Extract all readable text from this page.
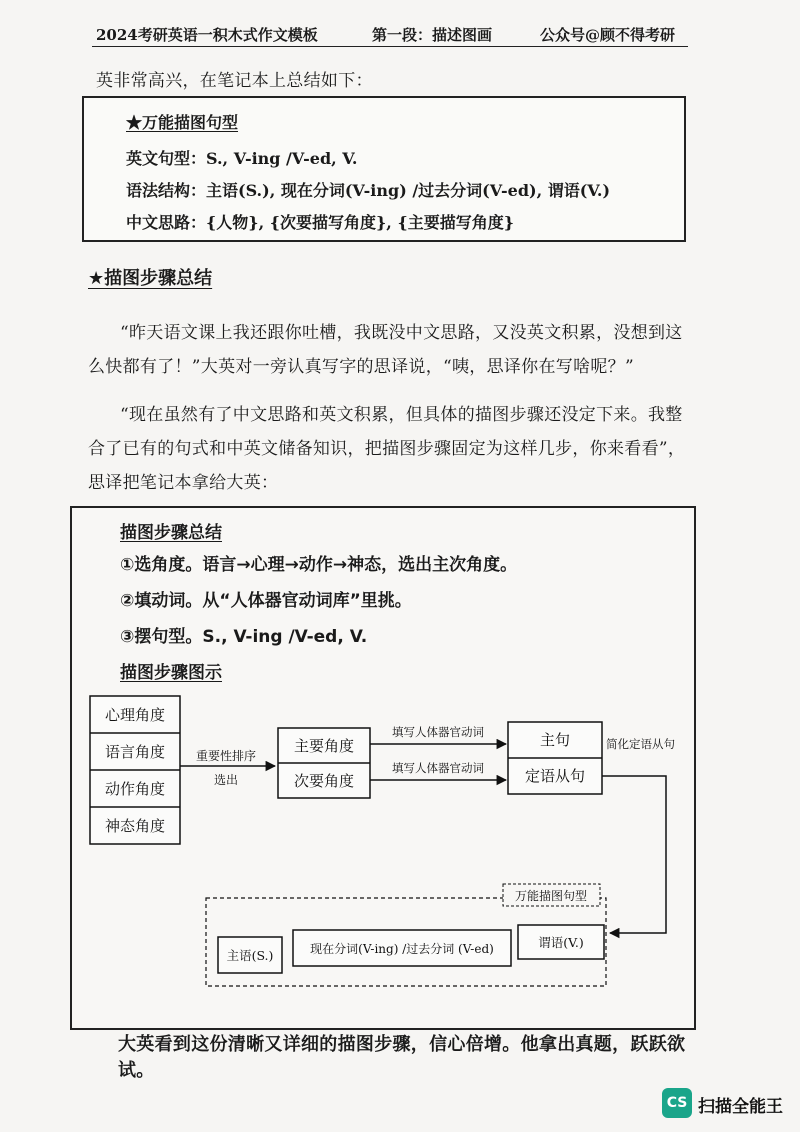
2024考研英语一积木式作文模板	第一段：描述图画	公众号@顾不得考研
英非常高兴，在笔记本上总结如下：
★万能描图句型
英文句型：S., V-ing /V-ed, V.
语法结构：主语(S.), 现在分词(V-ing) /过去分词(V-ed), 谓语(V.)
中文思路：{人物}, {次要描写角度}, {主要描写角度}
★描图步骤总结
“昨天语文课上我还跟你吐槽，我既没中文思路，又没英文积累，没想到这
么快都有了！”大英对一旁认真写字的思译说，“咦，思译你在写啥呢？”
“现在虽然有了中文思路和英文积累，但具体的描图步骤还没定下来。我整
合了已有的句式和中英文储备知识，把描图步骤固定为这样几步，你来看看”，
思译把笔记本拿给大英：
描图步骤总结
①选角度。语言→心理→动作→神态，选出主次角度。
②填动词。从“人体器官动词库”里挑。
③摆句型。S., V-ing /V-ed, V.
描图步骤图示
心理角度
语言角度
动作角度
神态角度
重要性排序
选出
主要角度
次要角度
填写人体器官动词
填写人体器官动词
主句
定语从句
简化定语从句
万能描图句型
主语(S.)	现在分词(V-ing) /过去分词 (V-ed)	谓语(V.)
大英看到这份清晰又详细的描图步骤，信心倍增。他拿出真题，跃跃欲试。
CS 扫描全能王
